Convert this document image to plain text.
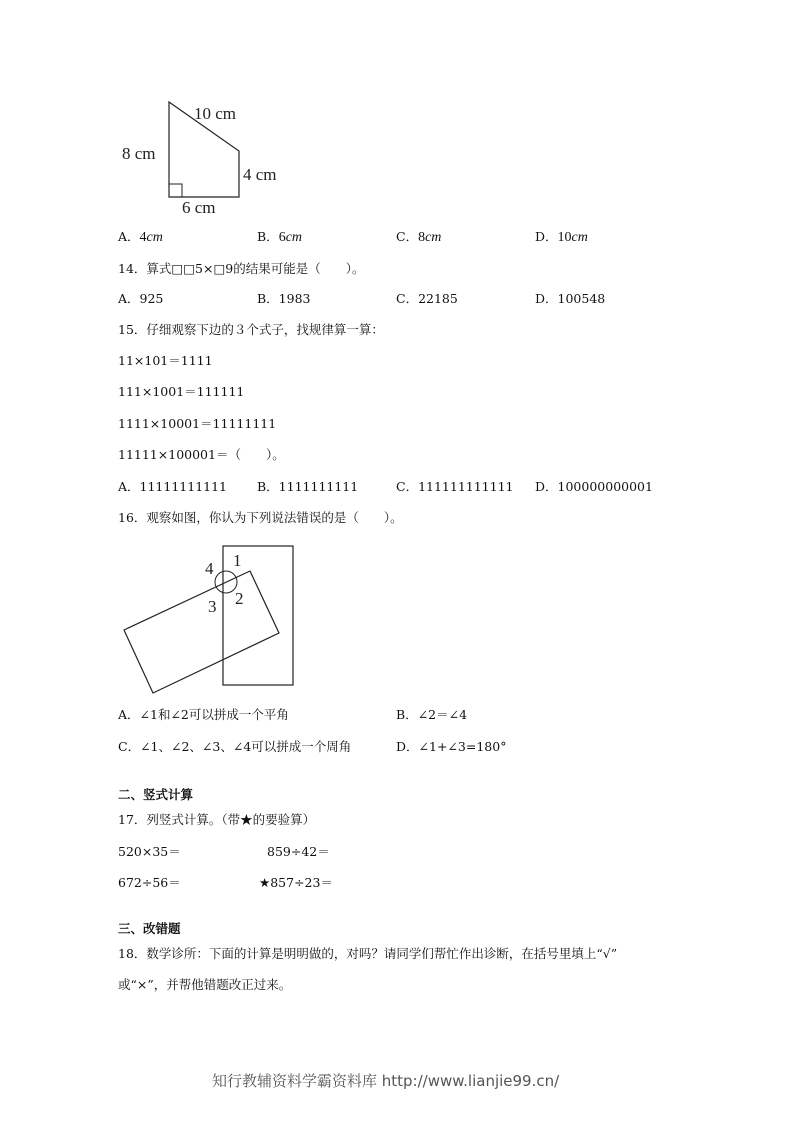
10 cm
8 cm
4 cm
6 cm
A．4cm	B．6cm	C．8cm	D．10cm
14．算式□□5×□9的结果可能是（　　）。
A．925	B．1983	C．22185	D．100548
15．仔细观察下边的３个式子，找规律算一算：
11×101＝1111
111×1001＝111111
1111×10001＝11111111
11111×100001＝（　　）。
A．11111111111 B．1111111111	C．111111111111 D．100000000001
16．观察如图，你认为下列说法错误的是（　　）。
1
2
3
4
A．∠1和∠2可以拼成一个平角	B．∠2＝∠4
C．∠1、∠2、∠3、∠4可以拼成一个周角	D．∠1+∠3=180°
二、竖式计算
17．列竖式计算。（带★的要验算）
520×35＝	859÷42＝
672÷56＝	★857÷23＝
三、改错题
18．数学诊所：下面的计算是明明做的，对吗？请同学们帮忙作出诊断，在括号里填上“√”
或“×”，并帮他错题改正过来。
知行教辅资料学霸资料库 http://www.lianjie99.cn/
